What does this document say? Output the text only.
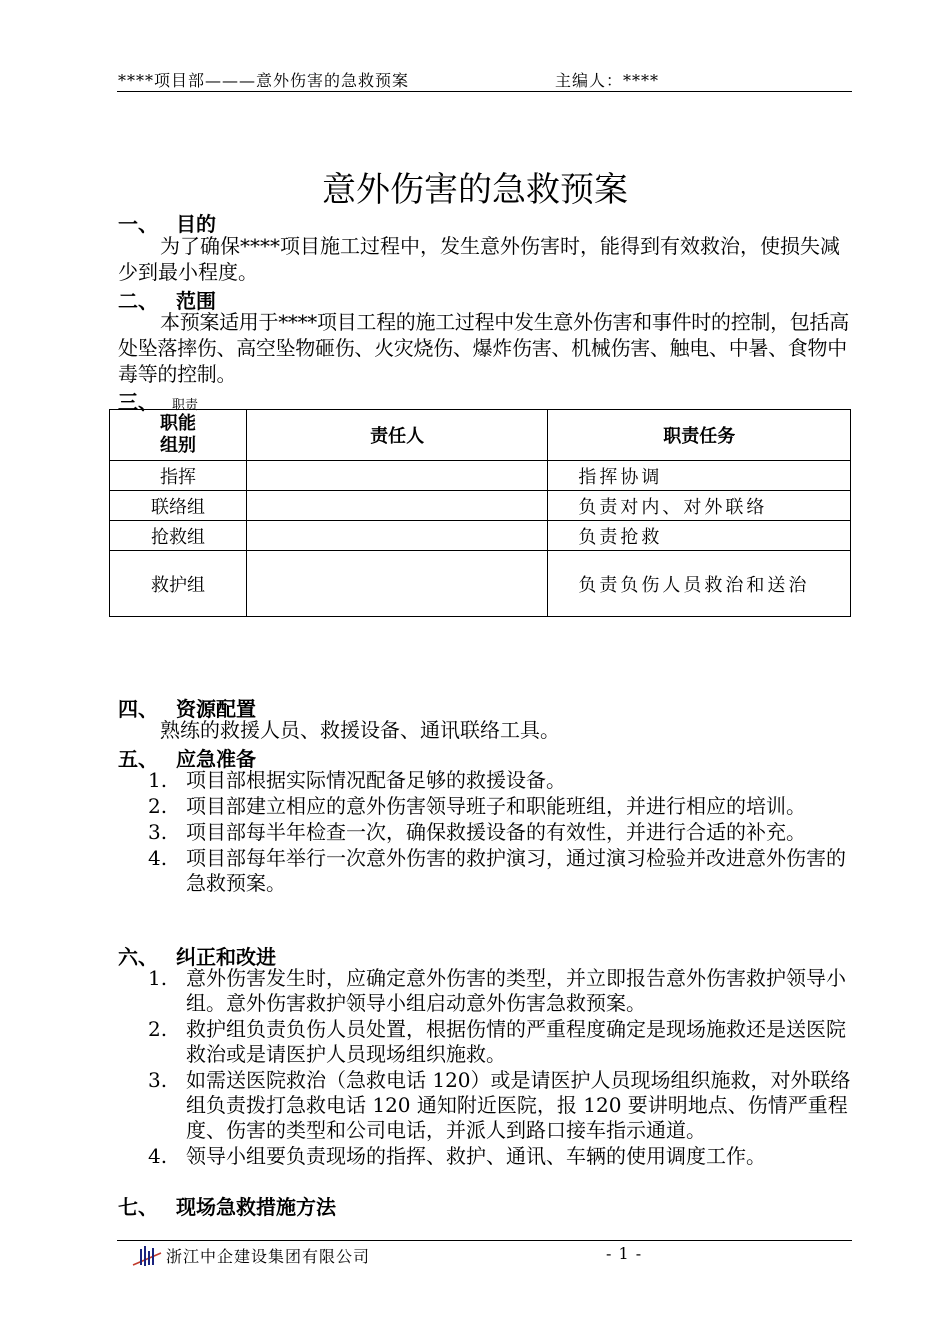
****项目部———意外伤害的急救预案	主编人：****
意外伤害的急救预案
一、 目的
为了确保****项目施工过程中，发生意外伤害时，能得到有效救治，使损失减少到最小程度。
二、 范围
本预案适用于****项目工程的施工过程中发生意外伤害和事件时的控制，包括高处坠落摔伤、高空坠物砸伤、火灾烧伤、爆炸伤害、机械伤害、触电、中暑、食物中毒等的控制。
三、 职责
职能组别	责任人	职责任务
指挥		指挥协调
联络组		负责对内、对外联络
抢救组		负责抢救
救护组		负责负伤人员救治和送治
四、 资源配置
熟练的救援人员、救援设备、通讯联络工具。
五、 应急准备
1. 项目部根据实际情况配备足够的救援设备。
2. 项目部建立相应的意外伤害领导班子和职能班组，并进行相应的培训。
3. 项目部每半年检查一次，确保救援设备的有效性，并进行合适的补充。
4. 项目部每年举行一次意外伤害的救护演习，通过演习检验并改进意外伤害的急救预案。
六、 纠正和改进
1. 意外伤害发生时，应确定意外伤害的类型，并立即报告意外伤害救护领导小组。意外伤害救护领导小组启动意外伤害急救预案。
2. 救护组负责负伤人员处置，根据伤情的严重程度确定是现场施救还是送医院救治或是请医护人员现场组织施救。
3. 如需送医院救治（急救电话 120）或是请医护人员现场组织施救，对外联络组负责拨打急救电话 120 通知附近医院，报 120 要讲明地点、伤情严重程度、伤害的类型和公司电话，并派人到路口接车指示通道。
4. 领导小组要负责现场的指挥、救护、通讯、车辆的使用调度工作。
七、 现场急救措施方法
浙江中企建设集团有限公司	- 1 -
